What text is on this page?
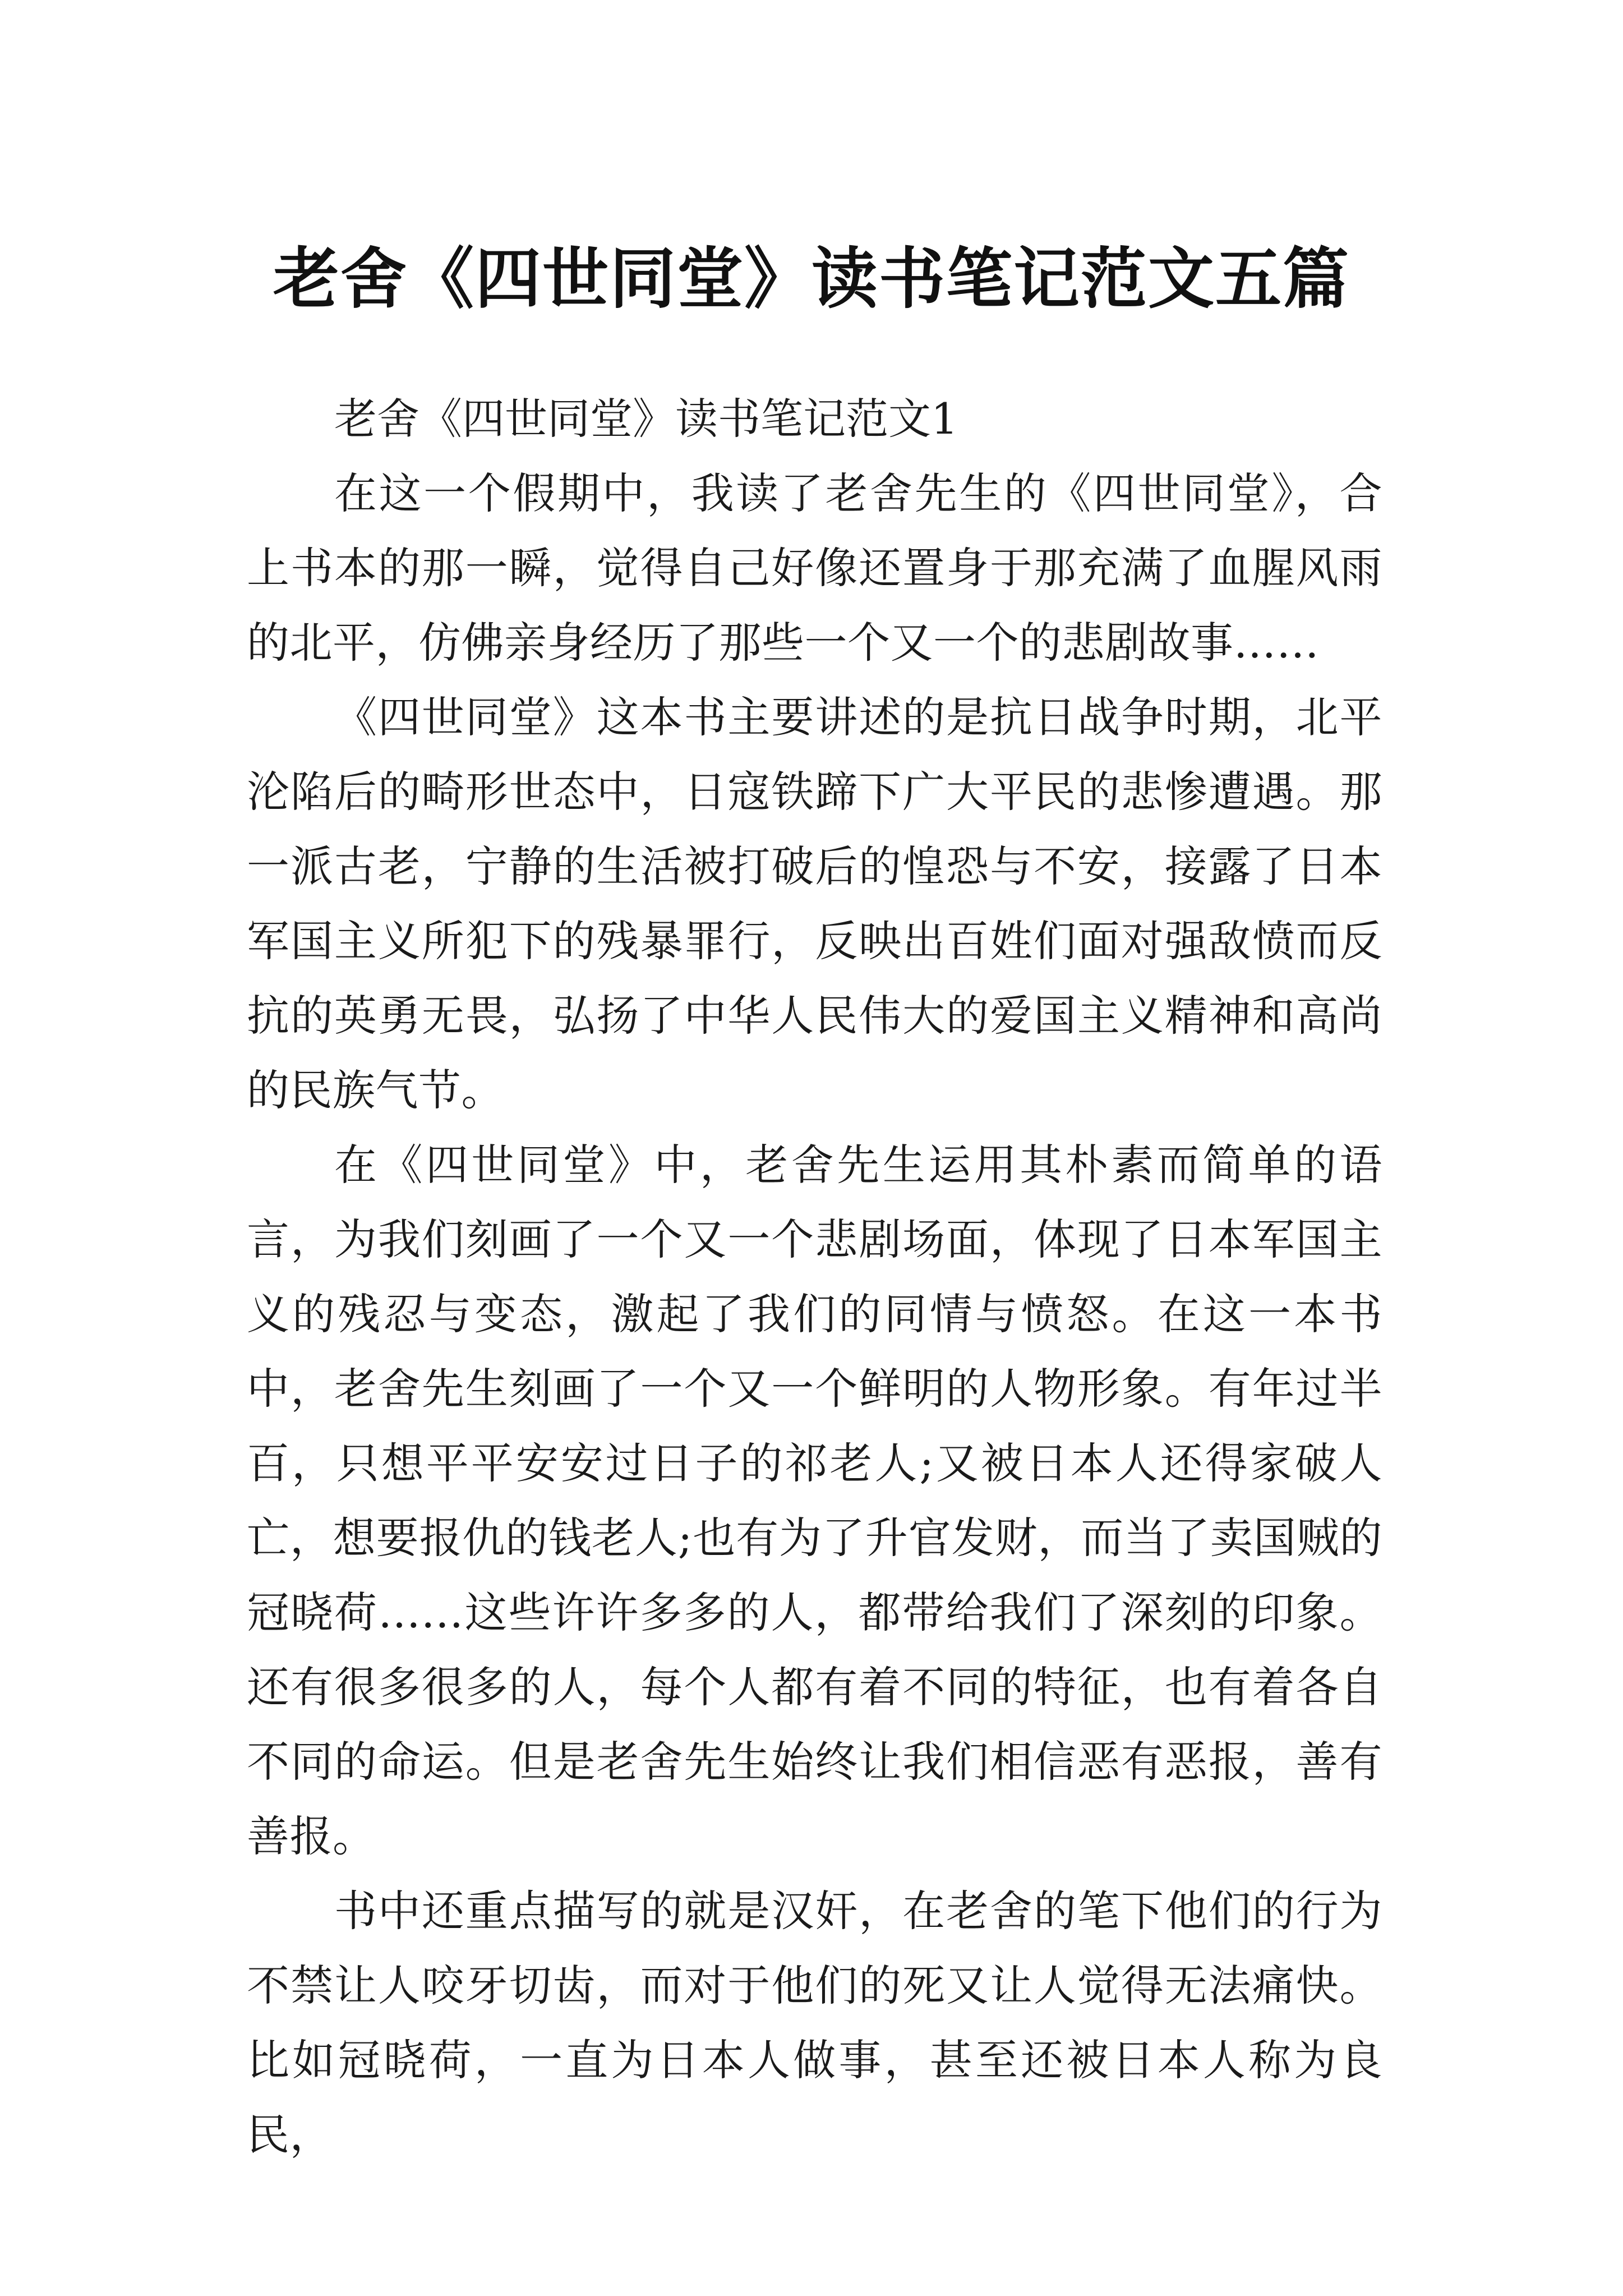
老舍《四世同堂》读书笔记范文五篇

老舍《四世同堂》读书笔记范文1

在这一个假期中，我读了老舍先生的《四世同堂》，合上书本的那一瞬，觉得自己好像还置身于那充满了血腥风雨的北平，仿佛亲身经历了那些一个又一个的悲剧故事……

《四世同堂》这本书主要讲述的是抗日战争时期，北平沦陷后的畸形世态中，日寇铁蹄下广大平民的悲惨遭遇。那一派古老，宁静的生活被打破后的惶恐与不安，接露了日本军国主义所犯下的残暴罪行，反映出百姓们面对强敌愤而反抗的英勇无畏，弘扬了中华人民伟大的爱国主义精神和高尚的民族气节。

在《四世同堂》中，老舍先生运用其朴素而简单的语言，为我们刻画了一个又一个悲剧场面，体现了日本军国主义的残忍与变态，激起了我们的同情与愤怒。在这一本书中，老舍先生刻画了一个又一个鲜明的人物形象。有年过半百，只想平平安安过日子的祁老人;又被日本人还得家破人亡，想要报仇的钱老人;也有为了升官发财，而当了卖国贼的冠晓荷……这些许许多多的人，都带给我们了深刻的印象。还有很多很多的人，每个人都有着不同的特征，也有着各自不同的命运。但是老舍先生始终让我们相信恶有恶报，善有善报。

书中还重点描写的就是汉奸，在老舍的笔下他们的行为不禁让人咬牙切齿，而对于他们的死又让人觉得无法痛快。比如冠晓荷，一直为日本人做事，甚至还被日本人称为良民，
